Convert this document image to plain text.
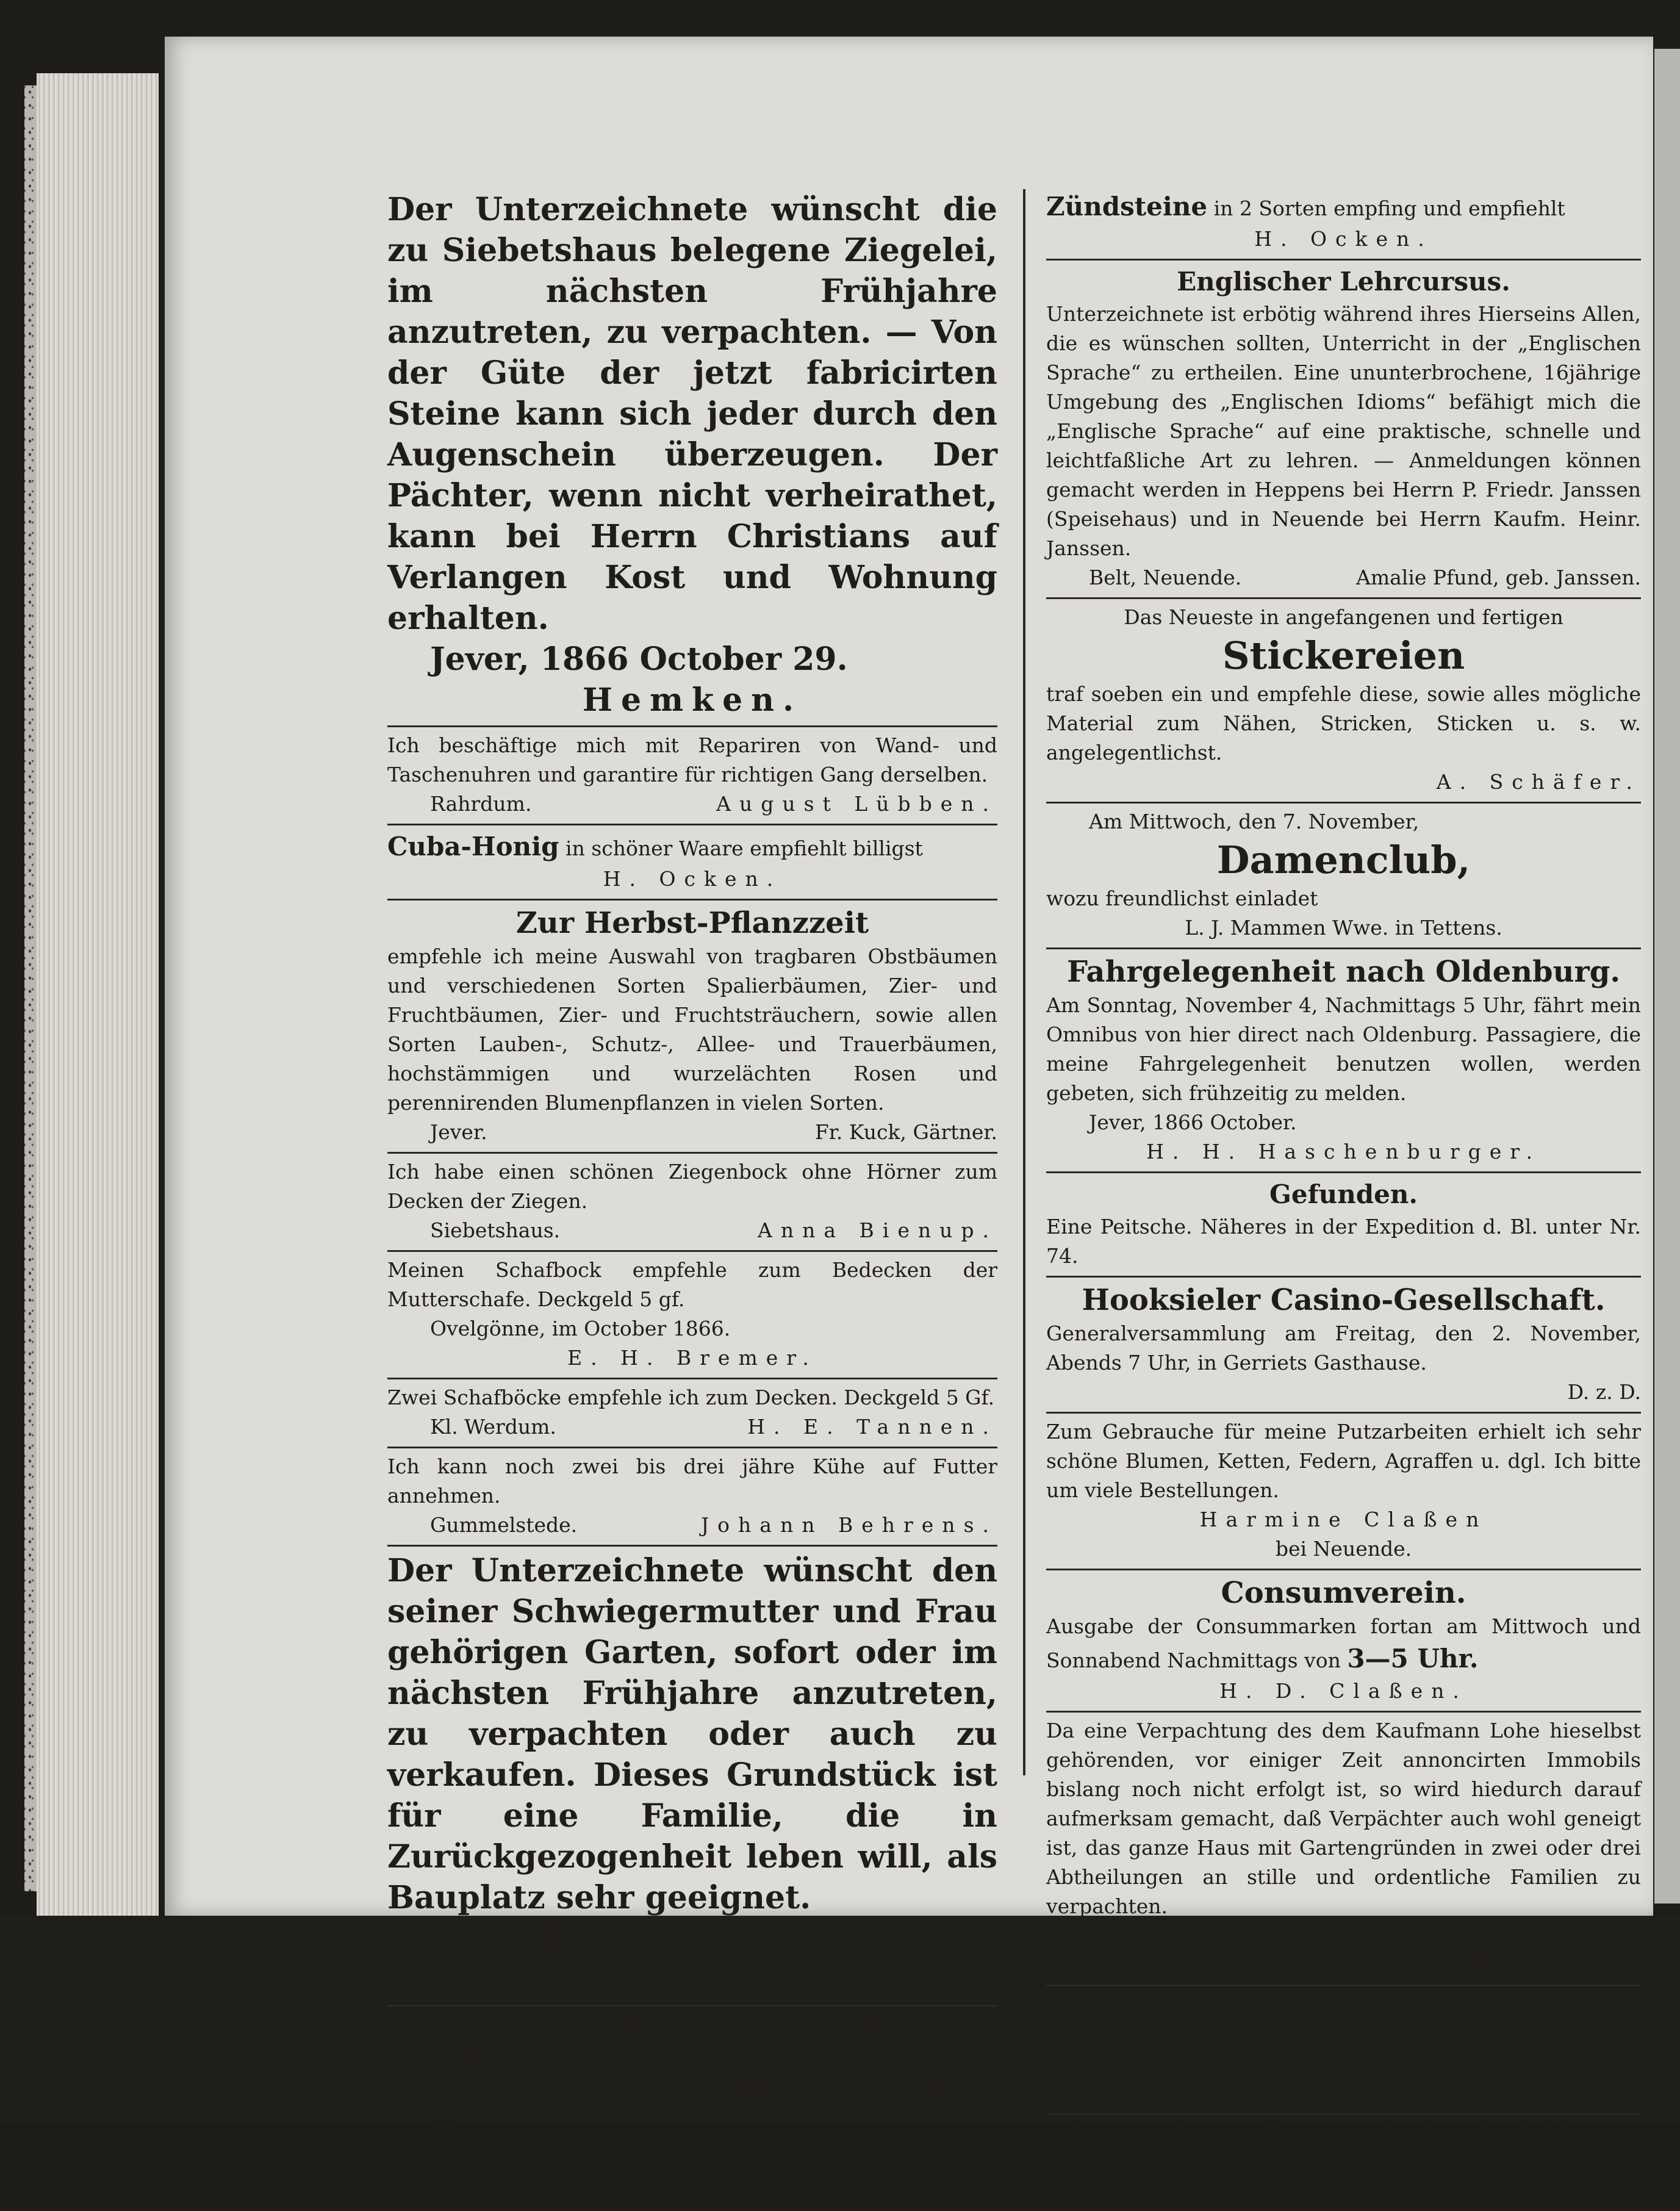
Der Unterzeichnete wünscht die zu Siebetshaus belegene Ziegelei, im nächsten Frühjahre anzutreten, zu verpachten. — Von der Güte der jetzt fabricirten Steine kann sich jeder durch den Augenschein überzeugen. Der Pächter, wenn nicht verheirathet, kann bei Herrn Christians auf Verlangen Kost und Wohnung erhalten.
Jever, 1866 October 29.
Hemken.
Ich beschäftige mich mit Repariren von Wand- und Taschenuhren und garantire für richtigen Gang derselben.
Rahrdum.	August Lübben.
Cuba-Honig in schöner Waare empfiehlt billigst
H. Ocken.
Zur Herbst-Pflanzzeit
empfehle ich meine Auswahl von tragbaren Obstbäumen und verschiedenen Sorten Spalierbäumen, Zier- und Fruchtbäumen, Zier- und Fruchtsträuchern, sowie allen Sorten Lauben-, Schutz-, Allee- und Trauerbäumen, hochstämmigen und wurzelächten Rosen und perennirenden Blumenpflanzen in vielen Sorten.
Jever.	Fr. Kuck, Gärtner.
Ich habe einen schönen Ziegenbock ohne Hörner zum Decken der Ziegen.
Siebetshaus.	Anna Bienup.
Meinen Schafbock empfehle zum Bedecken der Mutterschafe. Deckgeld 5 gf.
Ovelgönne, im October 1866.
E. H. Bremer.
Zwei Schafböcke empfehle ich zum Decken. Deckgeld 5 Gf.
Kl. Werdum.	H. E. Tannen.
Ich kann noch zwei bis drei jähre Kühe auf Futter annehmen.
Gummelstede.	Johann Behrens.
Der Unterzeichnete wünscht den seiner Schwiegermutter und Frau gehörigen Garten, sofort oder im nächsten Frühjahre anzutreten, zu verpachten oder auch zu verkaufen. Dieses Grundstück ist für eine Familie, die in Zurückgezogenheit leben will, als Bauplatz sehr geeignet.
Jever, 1866 October 29.
Hemken.
In unserer Buchhandlung ist vorräthig:
W. Petsch, Der Krieg Preußens gegen Oesterreich und dessen Verbündete, 1866. Mit 7 Bildnissen. Preis 4 Gf.
Mettcker & Söhne.
Zündsteine in 2 Sorten empfing und empfiehlt
H. Ocken.
Englischer Lehrcursus.
Unterzeichnete ist erbötig während ihres Hierseins Allen, die es wünschen sollten, Unterricht in der „Englischen Sprache“ zu ertheilen. Eine ununterbrochene, 16jährige Umgebung des „Englischen Idioms“ befähigt mich die „Englische Sprache“ auf eine praktische, schnelle und leichtfaßliche Art zu lehren. — Anmeldungen können gemacht werden in Heppens bei Herrn P. Friedr. Janssen (Speisehaus) und in Neuende bei Herrn Kaufm. Heinr. Janssen.
Belt, Neuende.	Amalie Pfund, geb. Janssen.
Das Neueste in angefangenen und fertigen
Stickereien
traf soeben ein und empfehle diese, sowie alles mögliche Material zum Nähen, Stricken, Sticken u. s. w. angelegentlichst.
A. Schäfer.
Am Mittwoch, den 7. November,
Damenclub,
wozu freundlichst einladet
L. J. Mammen Wwe. in Tettens.
Fahrgelegenheit nach Oldenburg.
Am Sonntag, November 4, Nachmittags 5 Uhr, fährt mein Omnibus von hier direct nach Oldenburg. Passagiere, die meine Fahrgelegenheit benutzen wollen, werden gebeten, sich frühzeitig zu melden.
Jever, 1866 October.
H. H. Haschenburger.
Gefunden.
Eine Peitsche. Näheres in der Expedition d. Bl. unter Nr. 74.
Hooksieler Casino-Gesellschaft.
Generalversammlung am Freitag, den 2. November, Abends 7 Uhr, in Gerriets Gasthause.
D. z. D.
Zum Gebrauche für meine Putzarbeiten erhielt ich sehr schöne Blumen, Ketten, Federn, Agraffen u. dgl. Ich bitte um viele Bestellungen.
Harmine Claßen
bei Neuende.
Consumverein.
Ausgabe der Consummarken fortan am Mittwoch und Sonnabend Nachmittags von 3—5 Uhr.
H. D. Claßen.
Da eine Verpachtung des dem Kaufmann Lohe hieselbst gehörenden, vor einiger Zeit annoncirten Immobils bislang noch nicht erfolgt ist, so wird hiedurch darauf aufmerksam gemacht, daß Verpächter auch wohl geneigt ist, das ganze Haus mit Gartengründen in zwei oder drei Abtheilungen an stille und ordentliche Familien zu verpachten.
Hohenkirchen 1866 October 26.
Oltmanns.
Theerseife, wirksamstes Mittel
gegen alle Arten Haut-
unreinigkeiten, empfiehlt a Stück 5 Sgr.
J. L. Ildau in Jever.
Redaction, Druck und Verlag von C. L. Mettcker & Söhne in Jever.
— Hierzu eine Beilage —
